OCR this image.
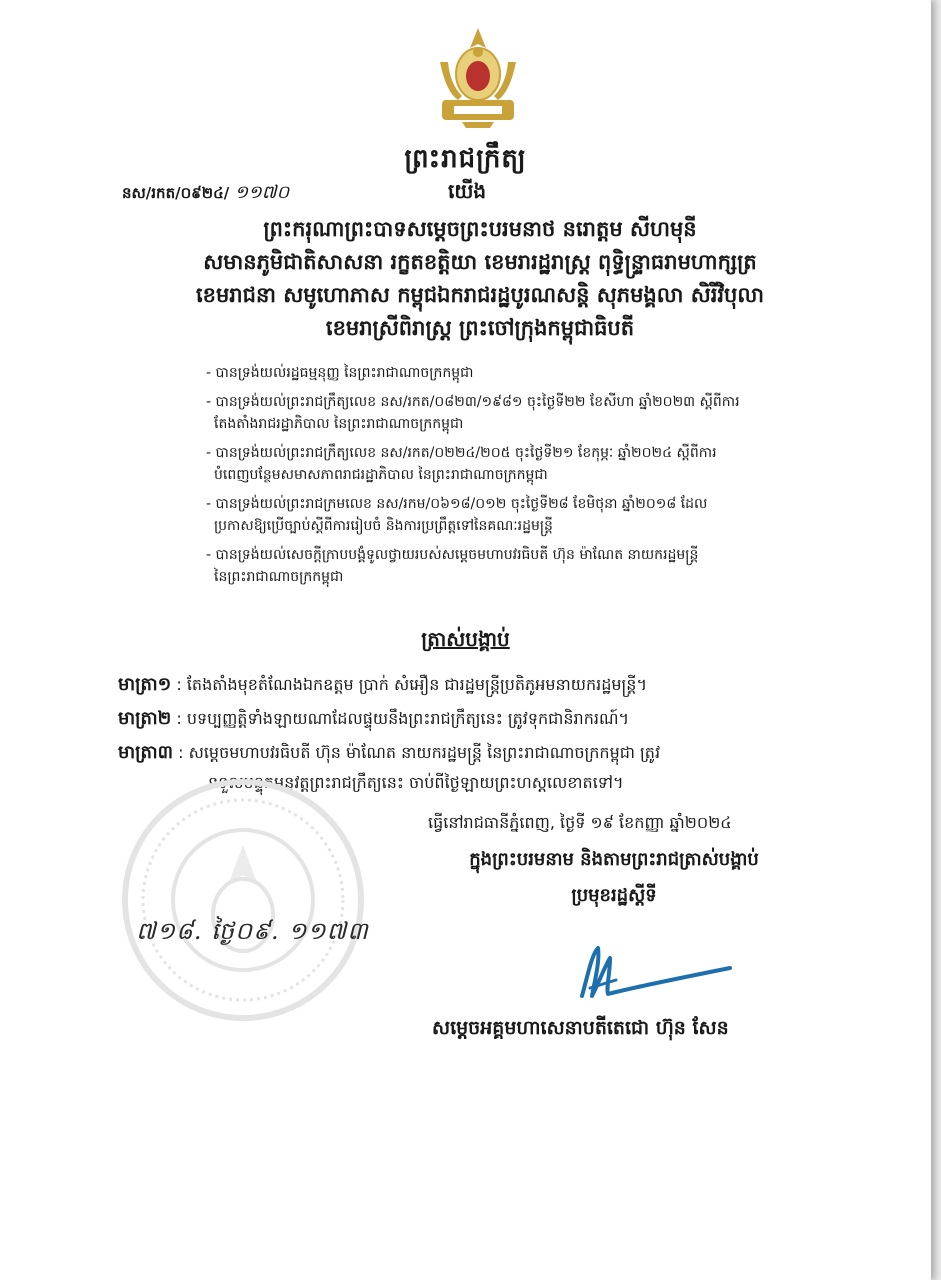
ព្រះរាជក្រឹត្យ
នស/រកត/០៩២៤/ ១១៧០	យើង
ព្រះករុណាព្រះបាទសម្ដេចព្រះបរមនាថ នរោត្ដម សីហមុនី
សមានភូមិជាតិសាសនា រក្ខតខត្តិយា ខេមរារដ្ឋរាស្ដ្រ ពុទ្ធិន្ទ្រាធរាមហាក្សត្រ
ខេមរាជនា សមូហោភាស កម្ពុជឯករាជរដ្ឋបូរណសន្ដិ សុភមង្គលា សិរីវិបុលា
ខេមរាស្រីពិរាស្ដ្រ ព្រះចៅក្រុងកម្ពុជាធិបតី
- បានទ្រង់យល់រដ្ឋធម្មនុញ្ញ នៃព្រះរាជាណាចក្រកម្ពុជា
- បានទ្រង់យល់ព្រះរាជក្រឹត្យលេខ នស/រកត/០៨២៣/១៩៨១ ចុះថ្ងៃទី២២ ខែសីហា ឆ្នាំ២០២៣ ស្ដីពីការ
តែងតាំងរាជរដ្ឋាភិបាល នៃព្រះរាជាណាចក្រកម្ពុជា
- បានទ្រង់យល់ព្រះរាជក្រឹត្យលេខ នស/រកត/០២២៤/២០៥ ចុះថ្ងៃទី២១ ខែកុម្ភៈ ឆ្នាំ២០២៤ ស្ដីពីការ
បំពេញបន្ថែមសមាសភាពរាជរដ្ឋាភិបាល នៃព្រះរាជាណាចក្រកម្ពុជា
- បានទ្រង់យល់ព្រះរាជក្រមលេខ នស/រកម/០៦១៨/០១២ ចុះថ្ងៃទី២៨ ខែមិថុនា ឆ្នាំ២០១៨ ដែល
ប្រកាសឱ្យប្រើច្បាប់ស្ដីពីការរៀបចំ និងការប្រព្រឹត្ដទៅនៃគណៈរដ្ឋមន្ដ្រី
- បានទ្រង់យល់សេចក្ដីក្រាបបង្គំទូលថ្វាយរបស់សម្ដេចមហាបវរធិបតី ហ៊ុន ម៉ាណែត នាយករដ្ឋមន្ដ្រី
នៃព្រះរាជាណាចក្រកម្ពុជា
ត្រាស់បង្គាប់
មាត្រា១ : តែងតាំងមុខតំណែងឯកឧត្ដម ប្រាក់ សំអឿន ជារដ្ឋមន្ដ្រីប្រតិភូអមនាយករដ្ឋមន្ដ្រី។
មាត្រា២ : បទប្បញ្ញត្ដិទាំងឡាយណាដែលផ្ទុយនឹងព្រះរាជក្រឹត្យនេះ ត្រូវទុកជានិរាករណ៍។
មាត្រា៣ : សម្ដេចមហាបវរធិបតី ហ៊ុន ម៉ាណែត នាយករដ្ឋមន្ដ្រី នៃព្រះរាជាណាចក្រកម្ពុជា ត្រូវ
ទទួលបន្ទុកអនុវត្ដព្រះរាជក្រឹត្យនេះ ចាប់ពីថ្ងៃឡាយព្រះហស្ដលេខាតទៅ។
ធ្វើនៅរាជធានីភ្នំពេញ, ថ្ងៃទី ១៩ ខែកញ្ញា ឆ្នាំ២០២៤
ក្នុងព្រះបរមនាម និងតាមព្រះរាជត្រាស់បង្គាប់
ប្រមុខរដ្ឋស្ដីទី
៧១៨. ថ្ងៃ០៩. ១១៧៣
សម្ដេចអគ្គមហាសេនាបតីតេជោ ហ៊ុន សែន
